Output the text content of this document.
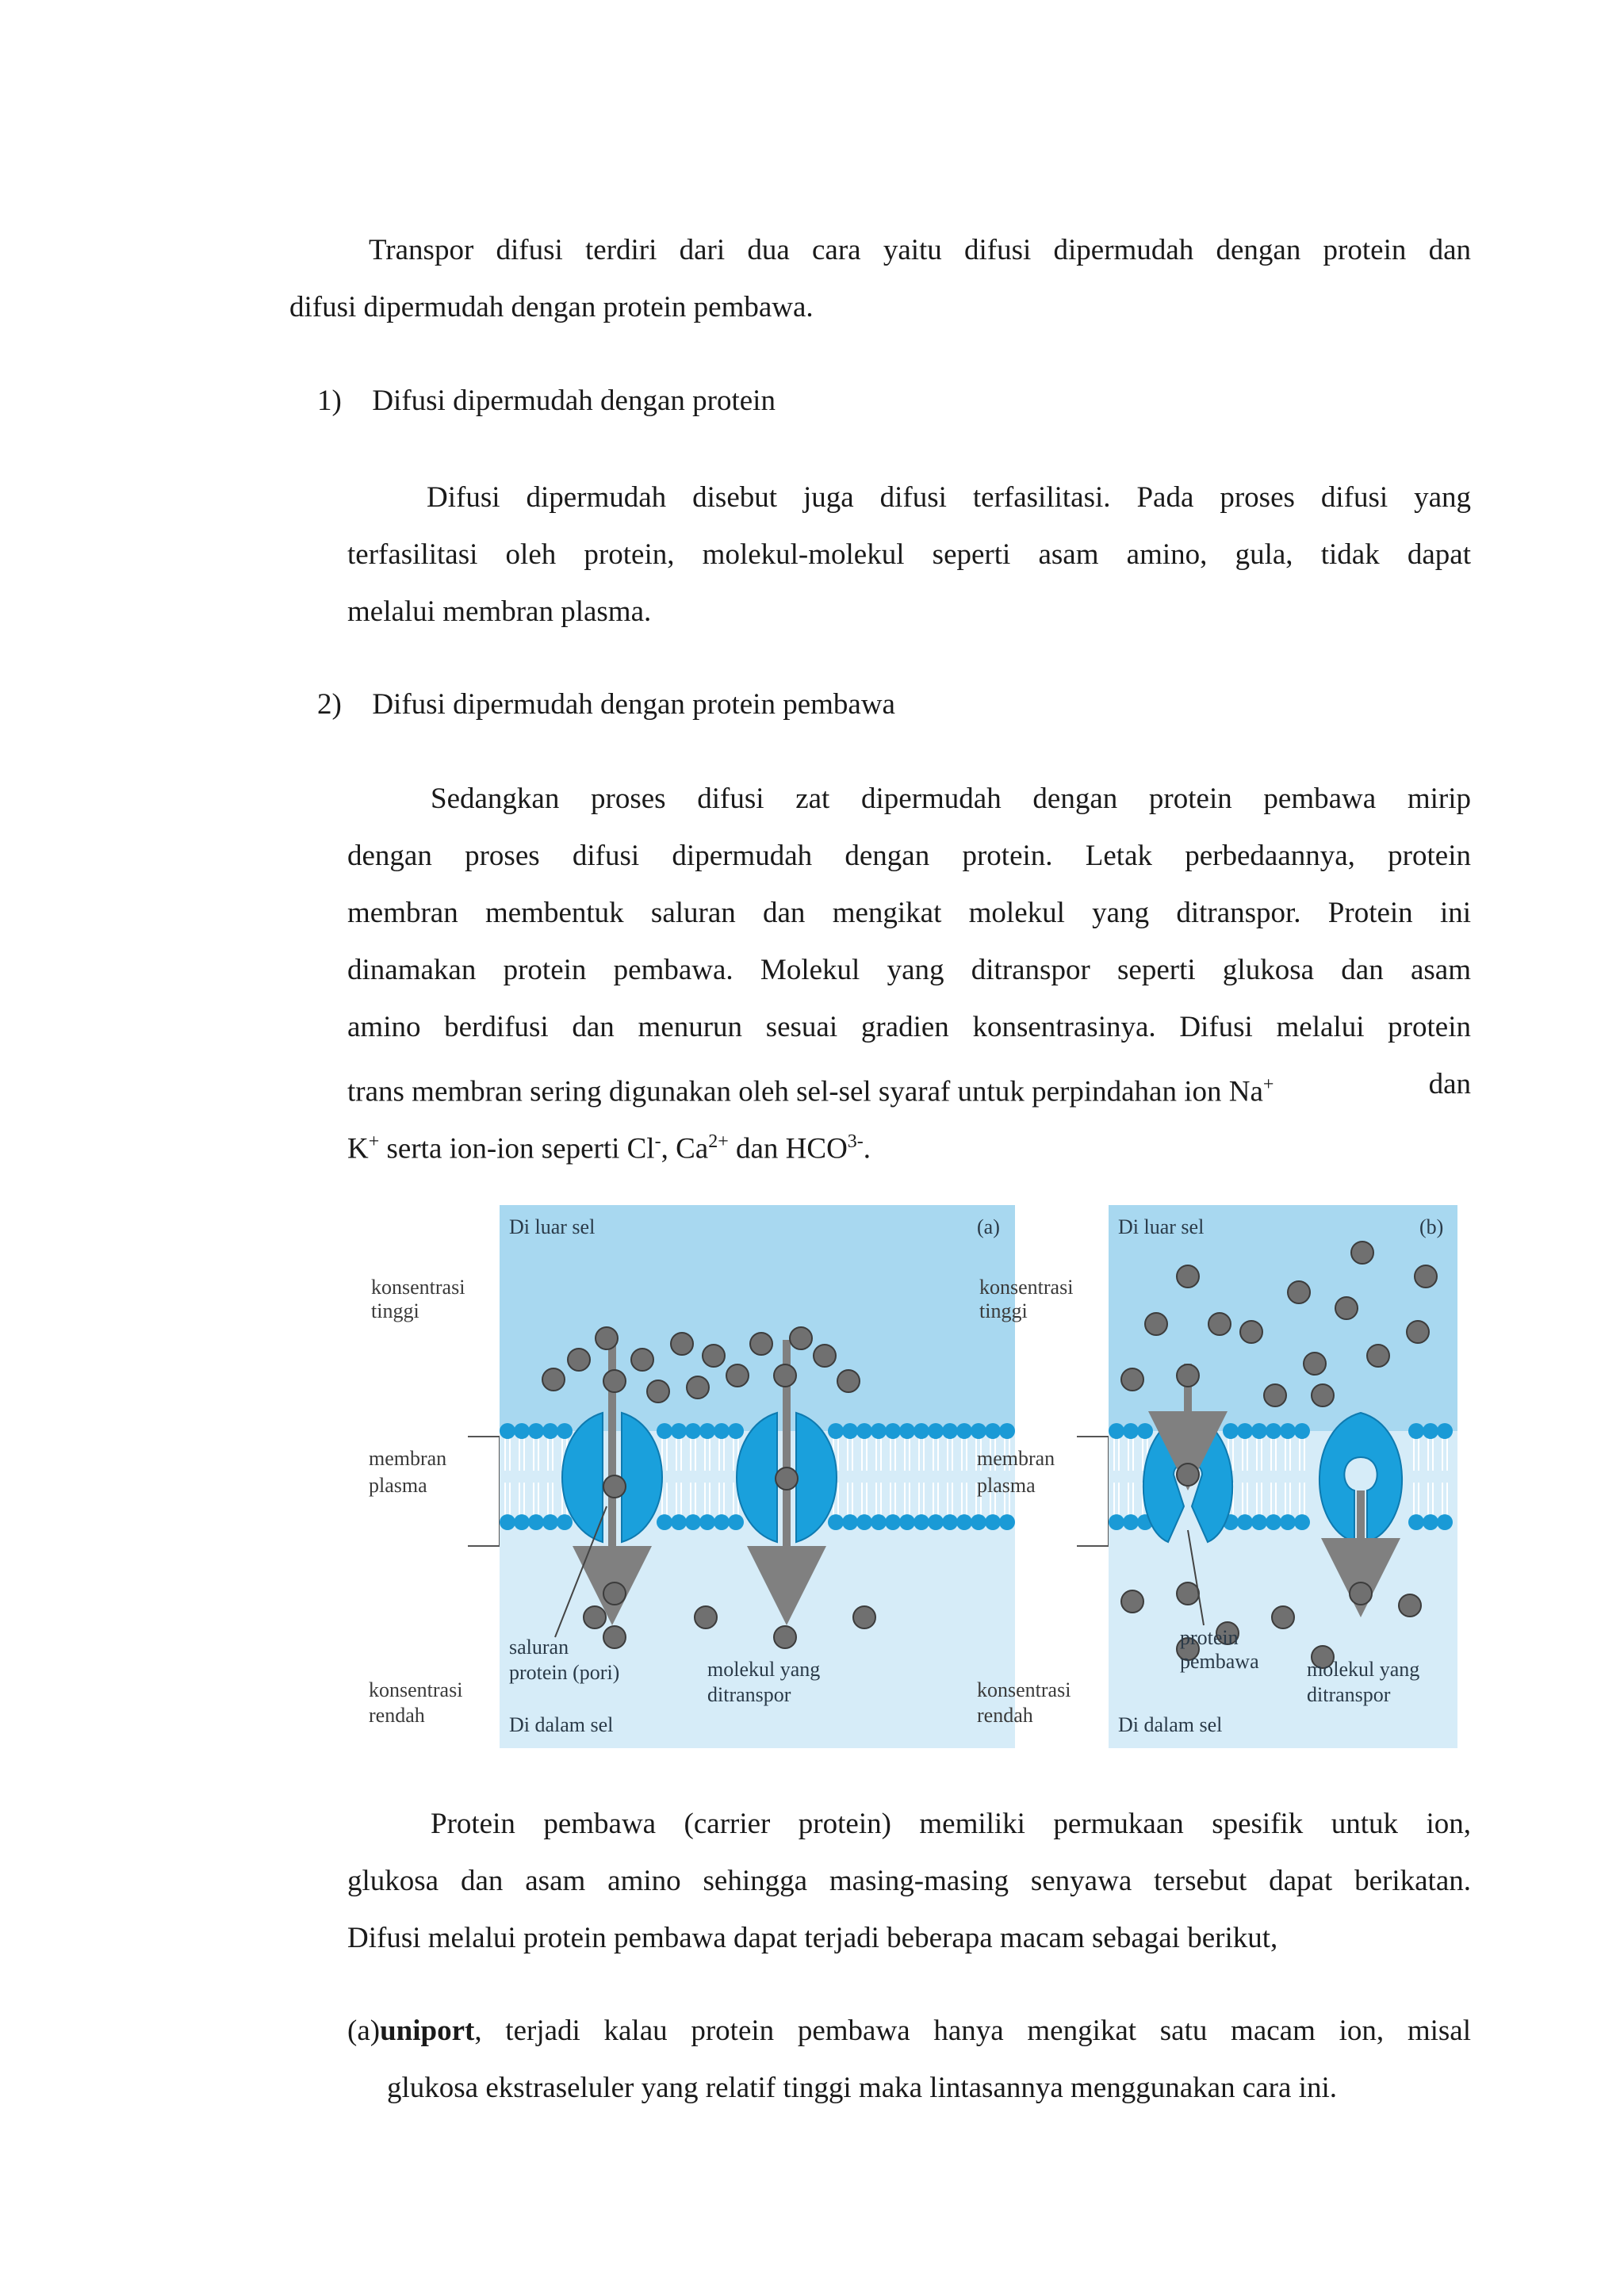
Transpor difusi terdiri dari dua cara yaitu difusi dipermudah dengan protein dan
difusi dipermudah dengan protein pembawa.
1) Difusi dipermudah dengan protein
Difusi dipermudah disebut juga difusi terfasilitasi. Pada proses difusi yang
terfasilitasi oleh protein, molekul-molekul seperti asam amino, gula, tidak dapat
melalui membran plasma.
2) Difusi dipermudah dengan protein pembawa
Sedangkan proses difusi zat dipermudah dengan protein pembawa mirip
dengan proses difusi dipermudah dengan protein. Letak perbedaannya, protein
membran membentuk saluran dan mengikat molekul yang ditranspor. Protein ini
dinamakan protein pembawa. Molekul yang ditranspor seperti glukosa dan asam
amino berdifusi dan menurun sesuai gradien konsentrasinya. Difusi melalui protein
trans membran sering digunakan oleh sel-sel syaraf untuk perpindahan ion Na+	dan
K+ serta ion-ion seperti Cl-, $Ca^{2+}$ dan $HCO^{3-}$.
konsentrasi
tinggi
membran
plasma
konsentrasi
rendah
Di luar sel	(a)
Di dalam sel
saluran
protein (pori)	molekul yang
ditranspor
konsentrasi
tinggi
membran
plasma
konsentrasi
rendah
Di luar sel	(b)
Di dalam sel
protein
pembawa molekul yang
ditranspor
Protein pembawa (carrier protein) memiliki permukaan spesifik untuk ion,
glukosa dan asam amino sehingga masing-masing senyawa tersebut dapat berikatan.
Difusi melalui protein pembawa dapat terjadi beberapa macam sebagai berikut,
(a)uniport, terjadi kalau protein pembawa hanya mengikat satu macam ion, misal
glukosa ekstraseluler yang relatif tinggi maka lintasannya menggunakan cara ini.
